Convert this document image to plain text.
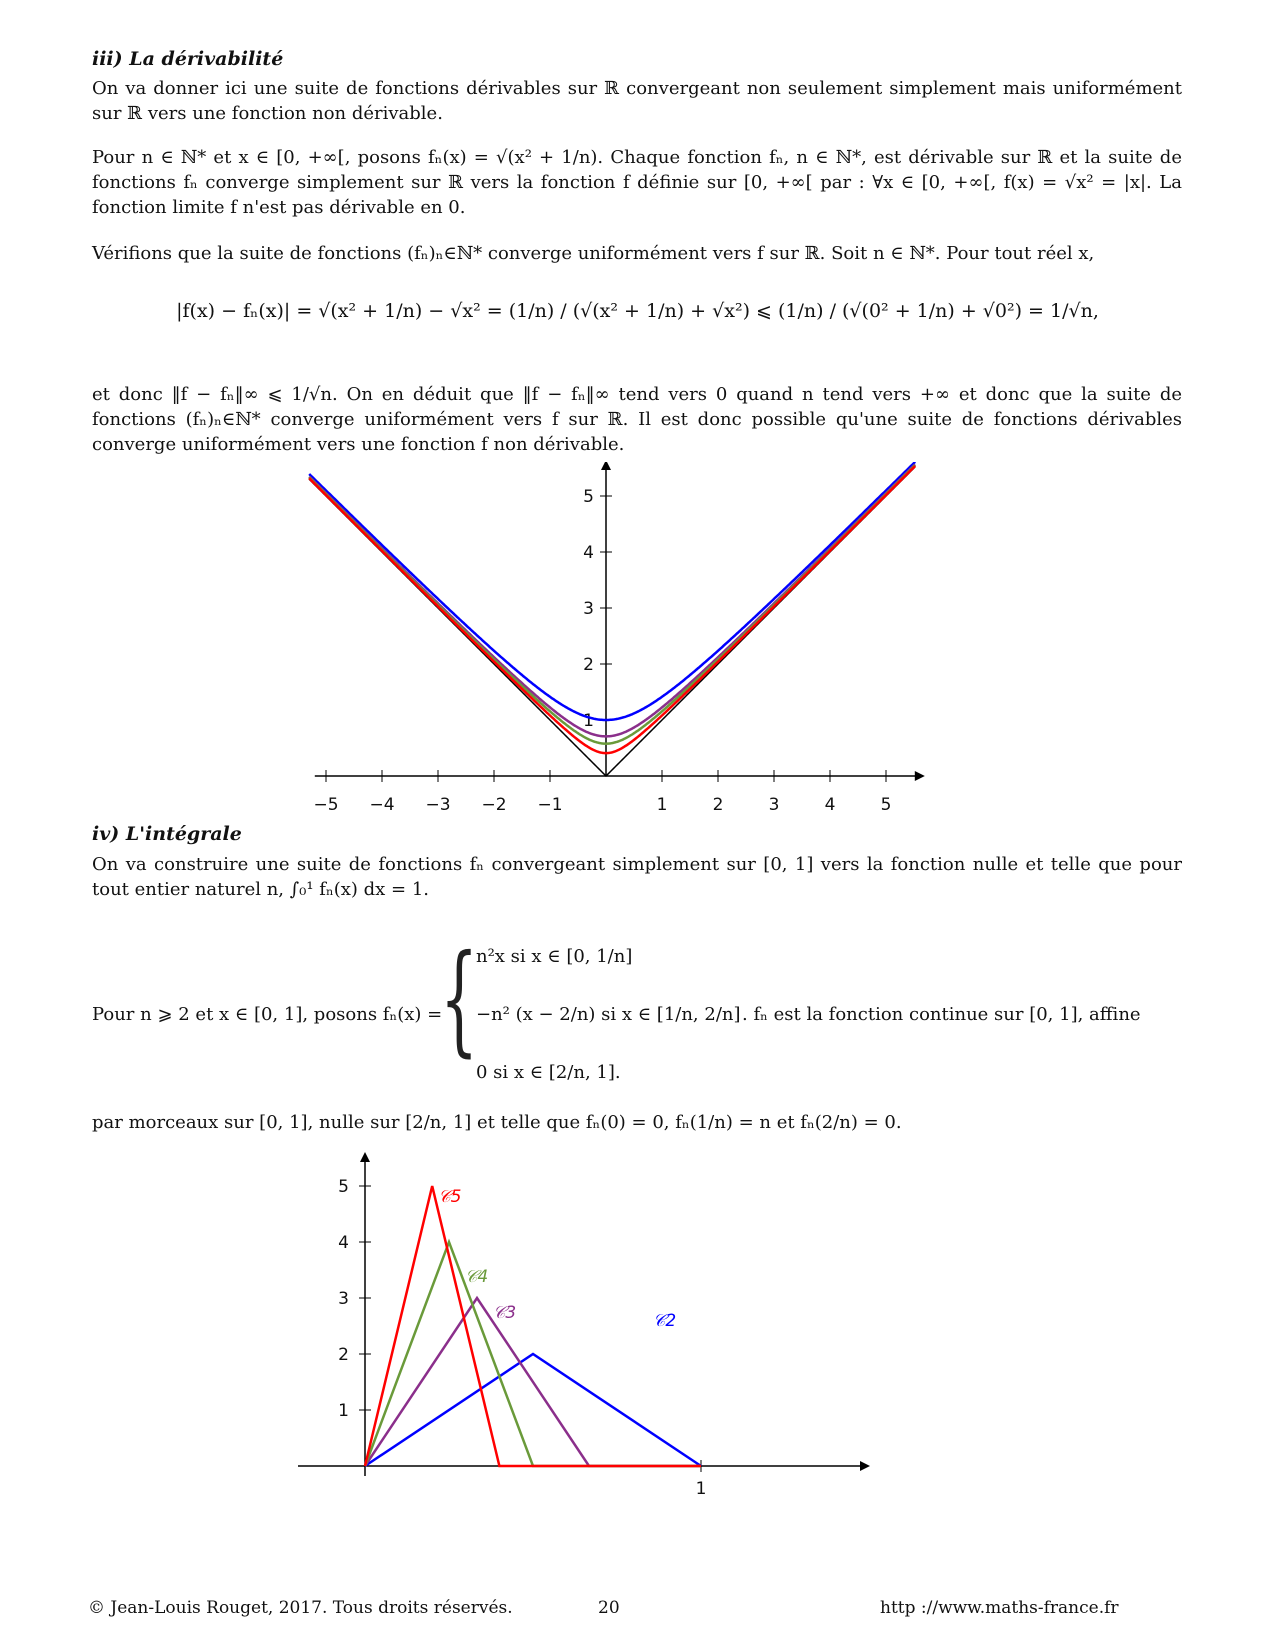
iii) La dérivabilité
On va donner ici une suite de fonctions dérivables sur ℝ convergeant non seulement simplement mais uniformément sur ℝ vers une fonction non dérivable.
Pour n ∈ ℕ* et x ∈ [0, +∞[, posons fₙ(x) = √(x² + 1/n). Chaque fonction fₙ, n ∈ ℕ*, est dérivable sur ℝ et la suite de fonctions fₙ converge simplement sur ℝ vers la fonction f définie sur [0, +∞[ par : ∀x ∈ [0, +∞[, f(x) = √x² = |x|. La fonction limite f n'est pas dérivable en 0.
Vérifions que la suite de fonctions (fₙ)ₙ∈ℕ* converge uniformément vers f sur ℝ. Soit n ∈ ℕ*. Pour tout réel x,
|f(x) − fₙ(x)| = √(x² + 1/n) − √x² = (1/n) / (√(x² + 1/n) + √x²) ⩽ (1/n) / (√(0² + 1/n) + √0²) = 1/√n,
et donc ‖f − fₙ‖∞ ⩽ 1/√n. On en déduit que ‖f − fₙ‖∞ tend vers 0 quand n tend vers +∞ et donc que la suite de fonctions (fₙ)ₙ∈ℕ* converge uniformément vers f sur ℝ. Il est donc possible qu'une suite de fonctions dérivables converge uniformément vers une fonction f non dérivable.
−5 −4 −3 −2 −1	1	2	3	4	5
1
2
3
4
5
iv) L'intégrale
On va construire une suite de fonctions fₙ convergeant simplement sur [0, 1] vers la fonction nulle et telle que pour tout entier naturel n, ∫₀¹ fₙ(x) dx = 1.
Pour n ⩾ 2 et x ∈ [0, 1], posons fₙ(x) =
{
n²x si x ∈ [0, 1/n]
−n² (x − 2/n) si x ∈ [1/n, 2/n]
0 si x ∈ [2/n, 1].
. fₙ est la fonction continue sur [0, 1], affine
par morceaux sur [0, 1], nulle sur [2/n, 1] et telle que fₙ(0) = 0, fₙ(1/n) = n et fₙ(2/n) = 0.
1
2
3
4
5
1
𝒞2
𝒞3
𝒞4
𝒞5
© Jean-Louis Rouget, 2017. Tous droits réservés.	20	http ://www.maths-france.fr
